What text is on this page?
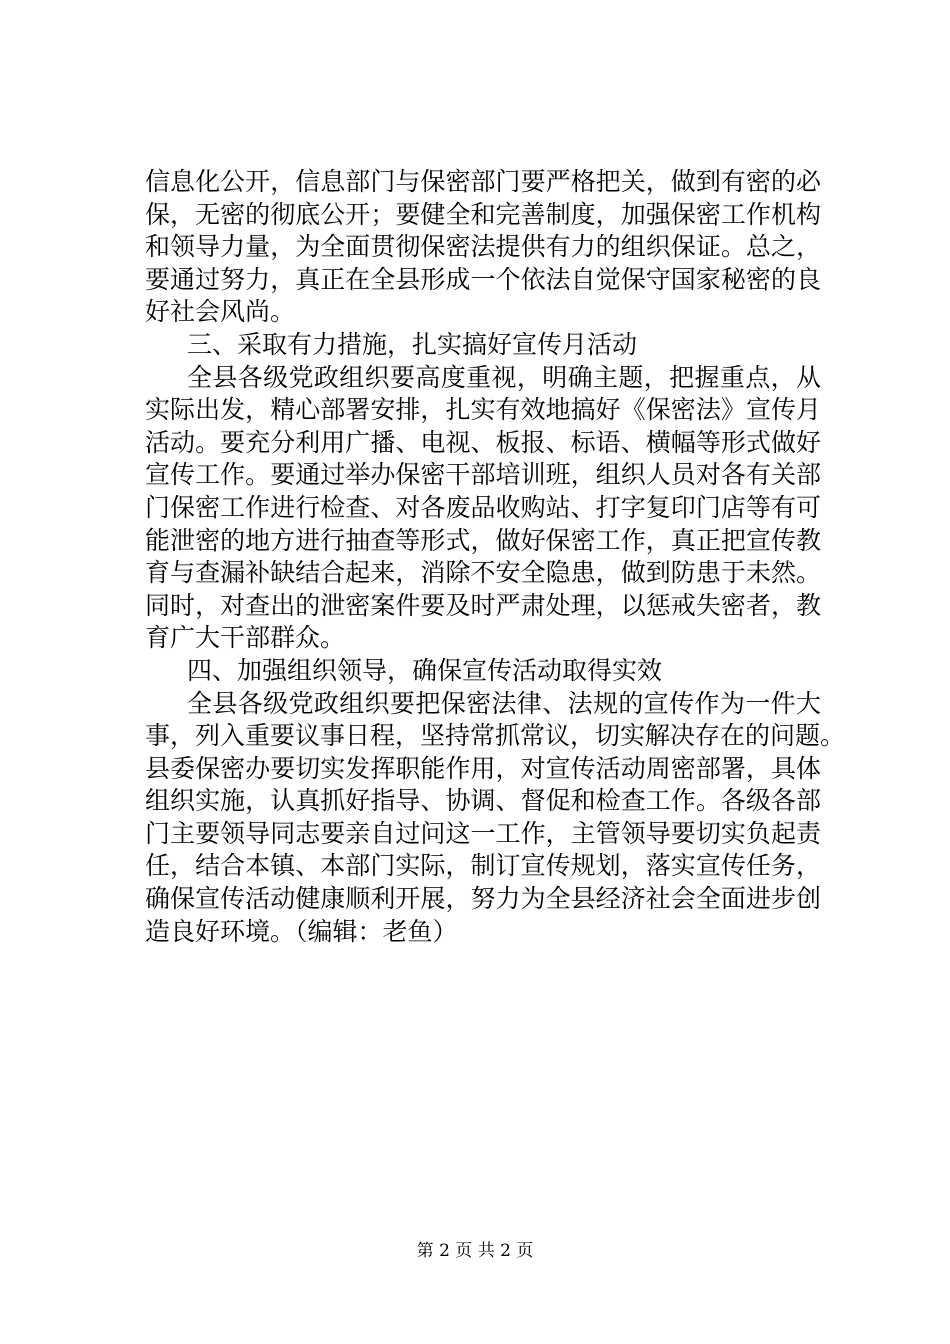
信息化公开，信息部门与保密部门要严格把关，做到有密的必
保，无密的彻底公开；要健全和完善制度，加强保密工作机构
和领导力量，为全面贯彻保密法提供有力的组织保证。总之，
要通过努力，真正在全县形成一个依法自觉保守国家秘密的良
好社会风尚。
三、采取有力措施，扎实搞好宣传月活动
全县各级党政组织要高度重视，明确主题，把握重点，从
实际出发，精心部署安排，扎实有效地搞好《保密法》宣传月
活动。要充分利用广播、电视、板报、标语、横幅等形式做好
宣传工作。要通过举办保密干部培训班，组织人员对各有关部
门保密工作进行检查、对各废品收购站、打字复印门店等有可
能泄密的地方进行抽查等形式，做好保密工作，真正把宣传教
育与查漏补缺结合起来，消除不安全隐患，做到防患于未然。
同时，对查出的泄密案件要及时严肃处理，以惩戒失密者，教
育广大干部群众。
四、加强组织领导，确保宣传活动取得实效
全县各级党政组织要把保密法律、法规的宣传作为一件大
事，列入重要议事日程，坚持常抓常议，切实解决存在的问题。
县委保密办要切实发挥职能作用，对宣传活动周密部署，具体
组织实施，认真抓好指导、协调、督促和检查工作。各级各部
门主要领导同志要亲自过问这一工作，主管领导要切实负起责
任，结合本镇、本部门实际，制订宣传规划，落实宣传任务，
确保宣传活动健康顺利开展，努力为全县经济社会全面进步创
造良好环境。（编辑：老鱼）
第 2 页 共 2 页
